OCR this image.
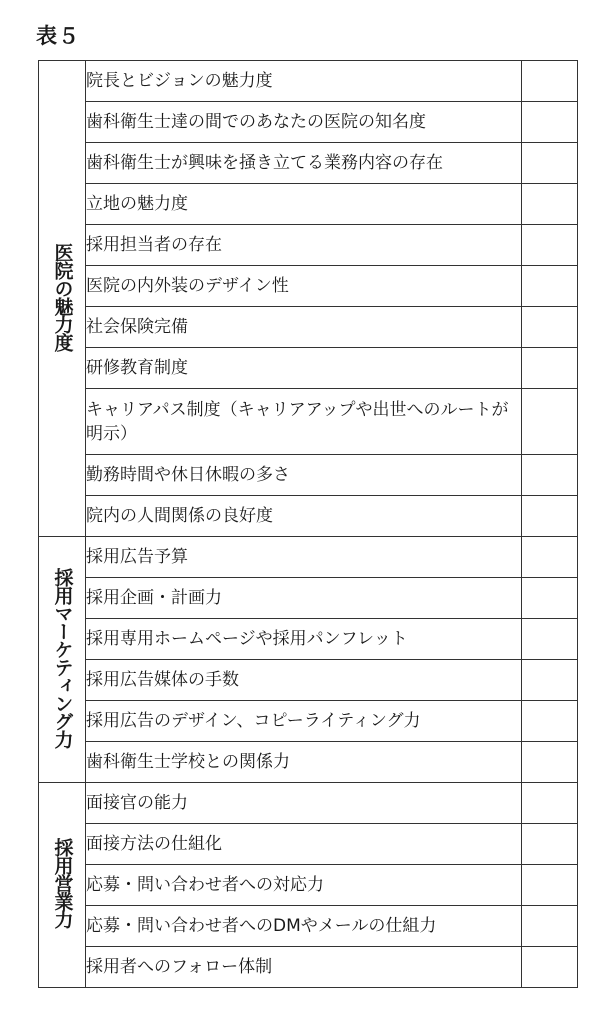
表５
医院の魅力度	院長とビジョンの魅力度	
	歯科衛生士達の間でのあなたの医院の知名度	
	歯科衛生士が興味を掻き立てる業務内容の存在	
	立地の魅力度	
	採用担当者の存在	
	医院の内外装のデザイン性	
	社会保険完備	
	研修教育制度	
	キャリアパス制度（キャリアアップや出世へのルートが明示）	
	勤務時間や休日休暇の多さ	
	院内の人間関係の良好度	
採用マーケティング力	採用広告予算	
	採用企画・計画力	
	採用専用ホームページや採用パンフレット	
	採用広告媒体の手数	
	採用広告のデザイン、コピーライティング力	
	歯科衛生士学校との関係力	
採用営業力	面接官の能力	
	面接方法の仕組化	
	応募・問い合わせ者への対応力	
	応募・問い合わせ者へのDMやメールの仕組力	
	採用者へのフォロー体制	
